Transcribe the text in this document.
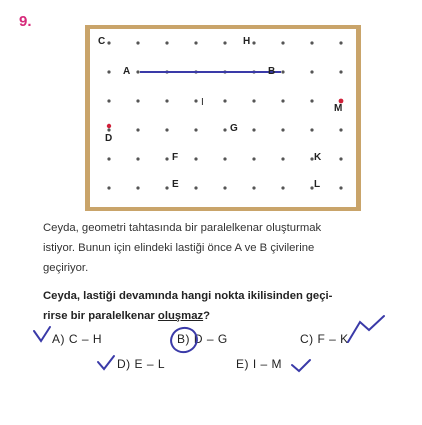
9.
C	H
A	B
I
M
G
D
F	K
E	L
Ceyda, geometri tahtasında bir paralelkenar oluşturmak
istiyor. Bunun için elindeki lastiği önce A ve B çivilerine
geçiriyor.
Ceyda, lastiği devamında hangi nokta ikilisinden geçi-
rirse bir paralelkenar oluşmaz?
A) C – H	B) D – G	C) F – K
D) E – L	E) I – M
